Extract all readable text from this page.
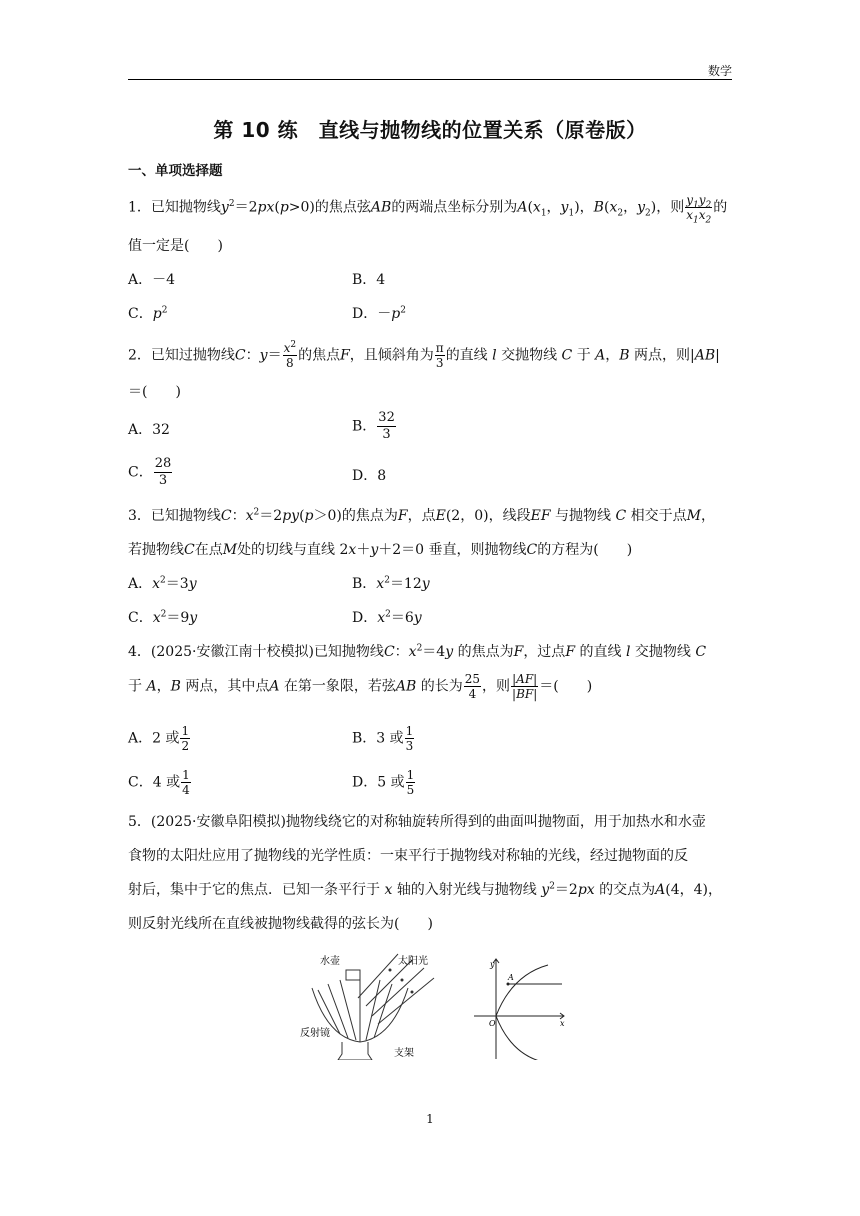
数学
第 10 练　直线与抛物线的位置关系（原卷版）
一、单项选择题
1．已知抛物线$y^2=2px(p>0)$的焦点弦AB的两端点坐标分别为$A(x_1$，$y_1$)，$B(x_2$，$y_2$)，则 $\frac{y_1y_2}{x_1x_2}$ 的
值一定是(　　)
A．－4	B．4
C．$p^2$	D．$-p^2$
2．已知过抛物线C：$y= \frac{x^2}{8}$ 的焦点F，且倾斜角为 $\frac{\pi}{3}$ 的直线 l 交抛物线 C 于 A，B 两点，则|AB|
＝(　　)
A．32	B． $\frac{32}{3}$
C． $\frac{28}{3}$	D．8
3．已知抛物线C：$x^2=2py(p>0)$的焦点为F，点E(2，0)，线段EF 与抛物线 C 相交于点M，
若抛物线C在点M处的切线与直线 2x＋y＋2＝0 垂直，则抛物线C的方程为(　　)
A．$x^2=3y$	B．$x^2=12y$
C．$x^2=9y$	D．$x^2=6y$
4．(2025·安徽江南十校模拟)已知抛物线C：$x^2=4y$ 的焦点为F，过点F 的直线 l 交抛物线 C
于 A，B 两点，其中点A 在第一象限，若弦AB 的长为 $\frac{25}{4}$ ，则 $\frac{|AF|}{|BF|}$ ＝(　　)
A．2 或 $\frac{1}{2}$	B．3 或 $\frac{1}{3}$
C．4 或 $\frac{1}{4}$	D．5 或 $\frac{1}{5}$
5．(2025·安徽阜阳模拟)抛物线绕它的对称轴旋转所得到的曲面叫抛物面，用于加热水和水壶
食物的太阳灶应用了抛物线的光学性质：一束平行于抛物线对称轴的光线，经过抛物面的反
射后，集中于它的焦点．已知一条平行于 x 轴的入射光线与抛物线 $y^2=2px$ 的交点为A(4，4)，
则反射光线所在直线被抛物线截得的弦长为(　　)
水壶	太阳光
反射镜
支架
y
x
O
A
1
